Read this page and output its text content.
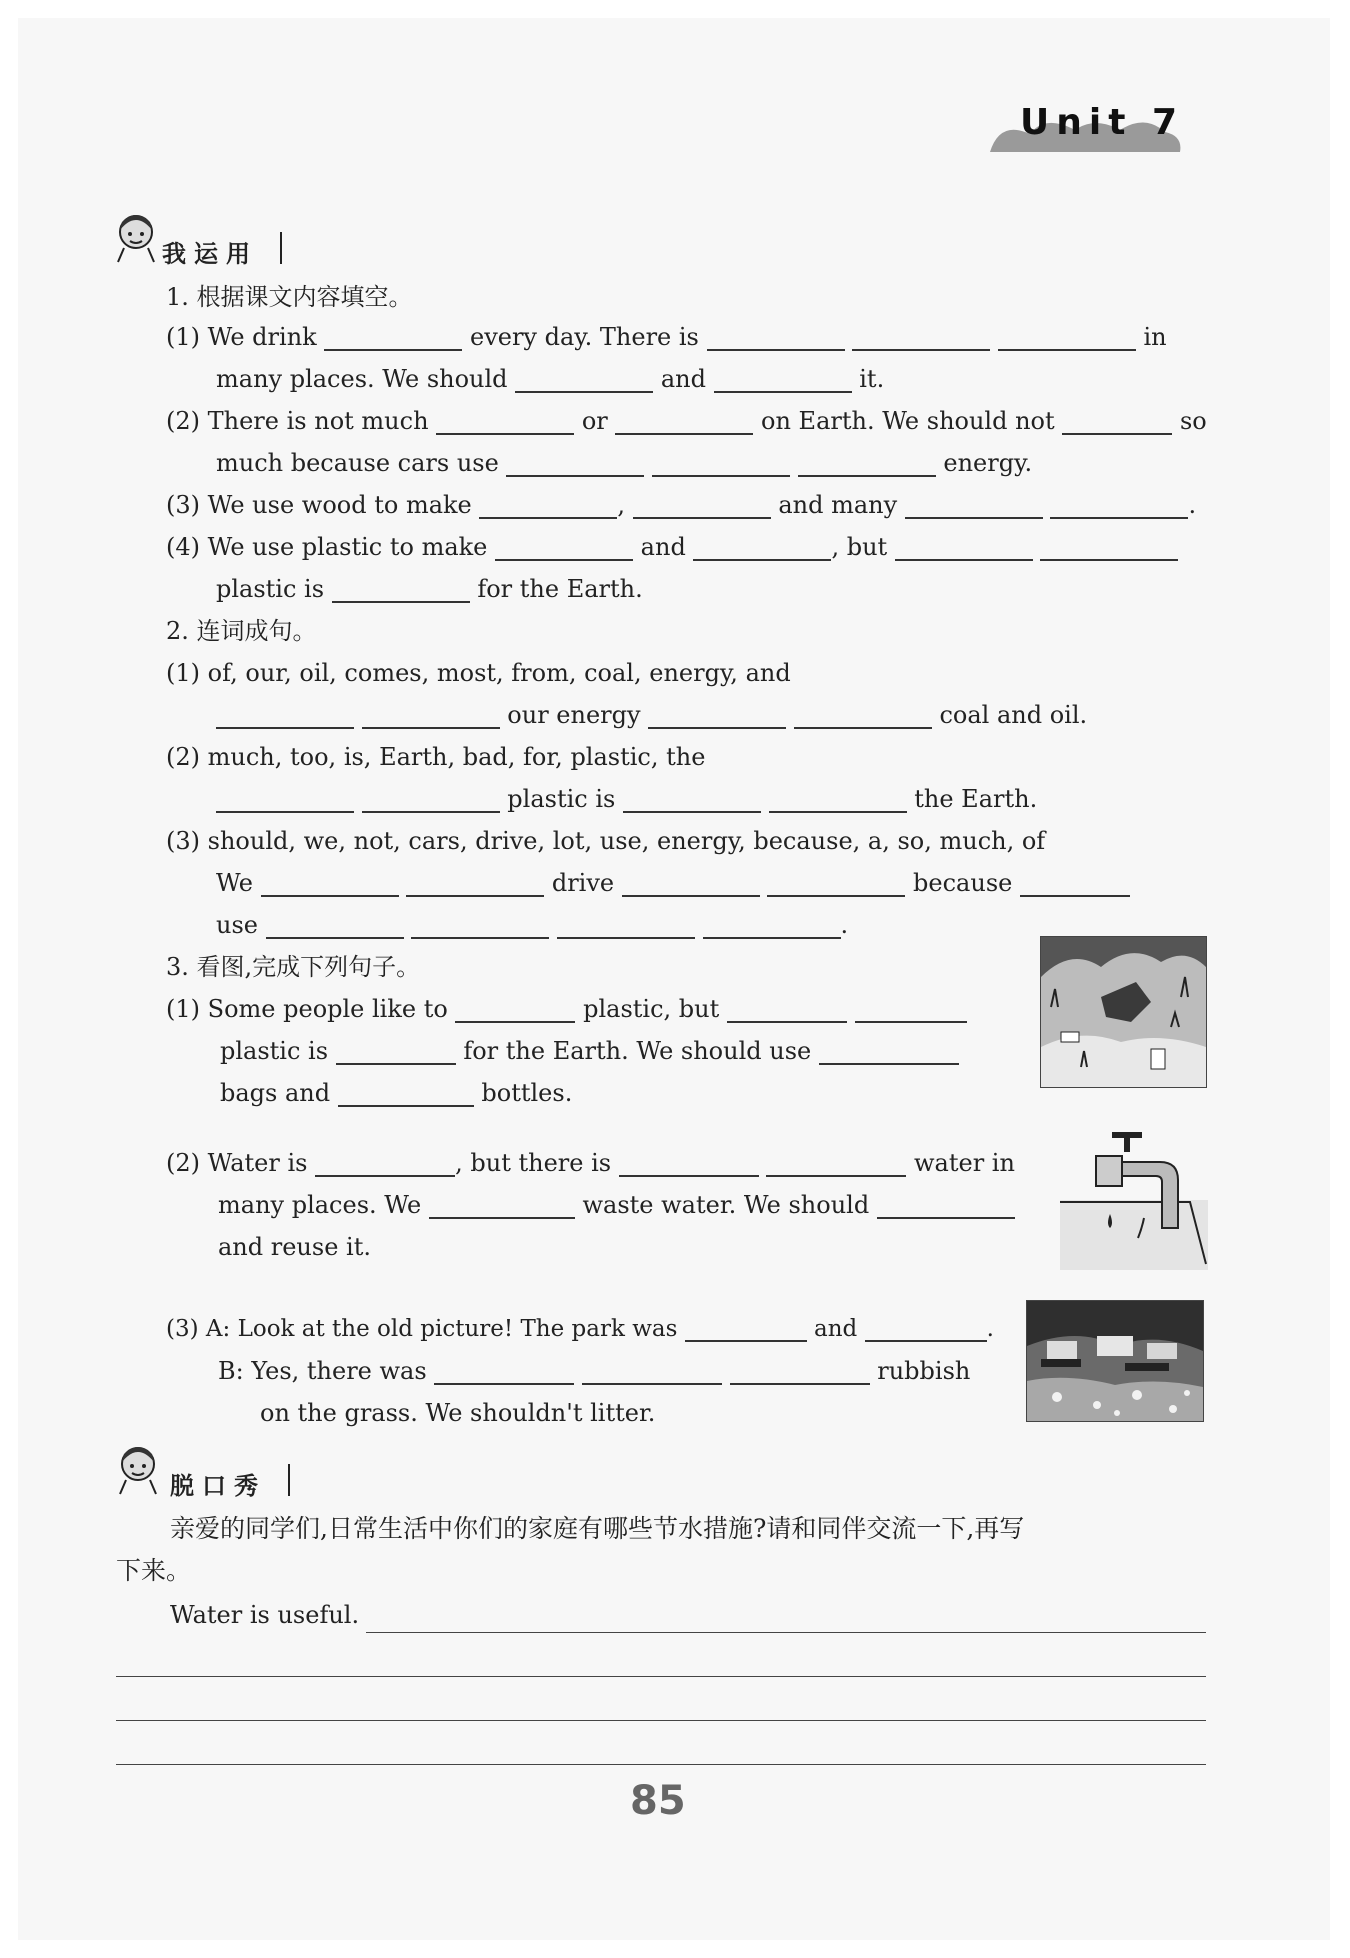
Unit 7
我运用
1. 根据课文内容填空。
(1) We drink	every day. There is	in
many places. We should	and	it.
(2) There is not much	or	on Earth. We should not	so
much because cars use	energy.
(3) We use wood to make	,	and many	.
(4) We use plastic to make	and	, but
plastic is	for the Earth.
2. 连词成句。
(1) of, our, oil, comes, most, from, coal, energy, and
our energy	coal and oil.
(2) much, too, is, Earth, bad, for, plastic, the
plastic is	the Earth.
(3) should, we, not, cars, drive, lot, use, energy, because, a, so, much, of
We	drive	because
use	.
3. 看图,完成下列句子。
(1) Some people like to	plastic, but
plastic is	for the Earth. We should use
bags and	bottles.
(2) Water is	, but there is	water in
many places. We	waste water. We should
and reuse it.
(3) A: Look at the old picture! The park was	and	.
B: Yes, there was	rubbish
on the grass. We shouldn't litter.
脱口秀
亲爱的同学们,日常生活中你们的家庭有哪些节水措施?请和同伴交流一下,再写
下来。
Water is useful.
85
